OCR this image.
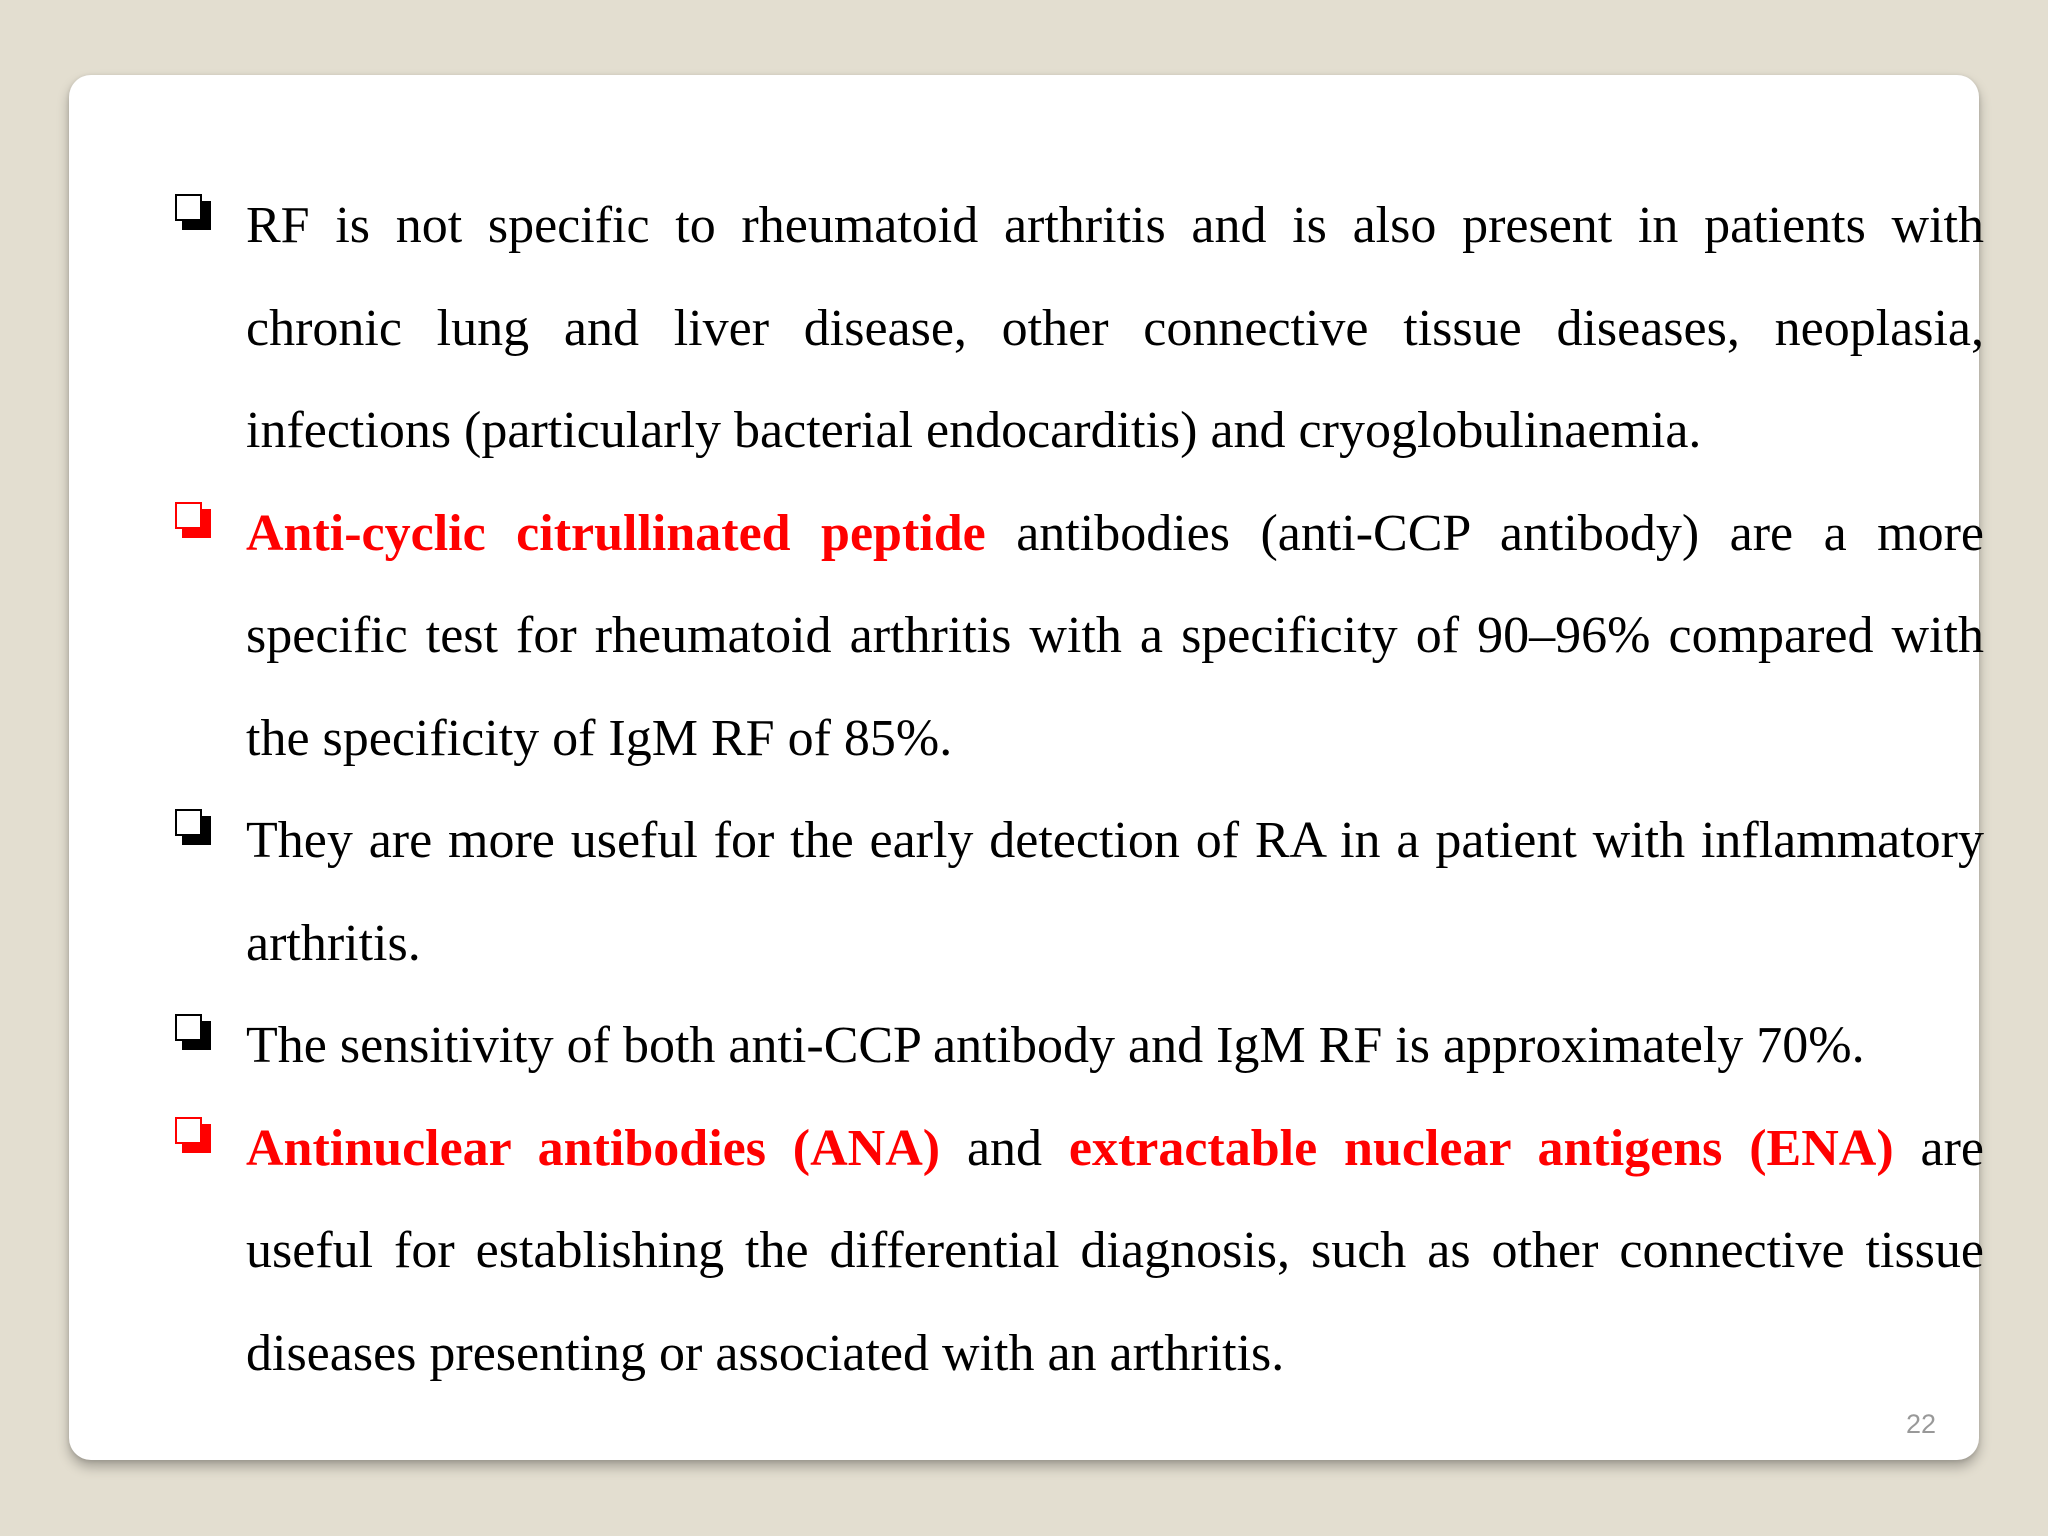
RF is not specific to rheumatoid arthritis and is also present in patients with chronic lung and liver disease, other connective tissue diseases, neoplasia, infections (particularly bacterial endocarditis) and cryoglobulinaemia.
Anti-cyclic citrullinated peptide antibodies (anti-CCP antibody) are a more specific test for rheumatoid arthritis with a specificity of 90–96% compared with the specificity of IgM RF of 85%.
They are more useful for the early detection of RA in a patient with inflammatory arthritis.
The sensitivity of both anti-CCP antibody and IgM RF is approximately 70%.
Antinuclear antibodies (ANA) and extractable nuclear antigens (ENA) are useful for establishing the differential diagnosis, such as other connective tissue diseases presenting or associated with an arthritis.
22
